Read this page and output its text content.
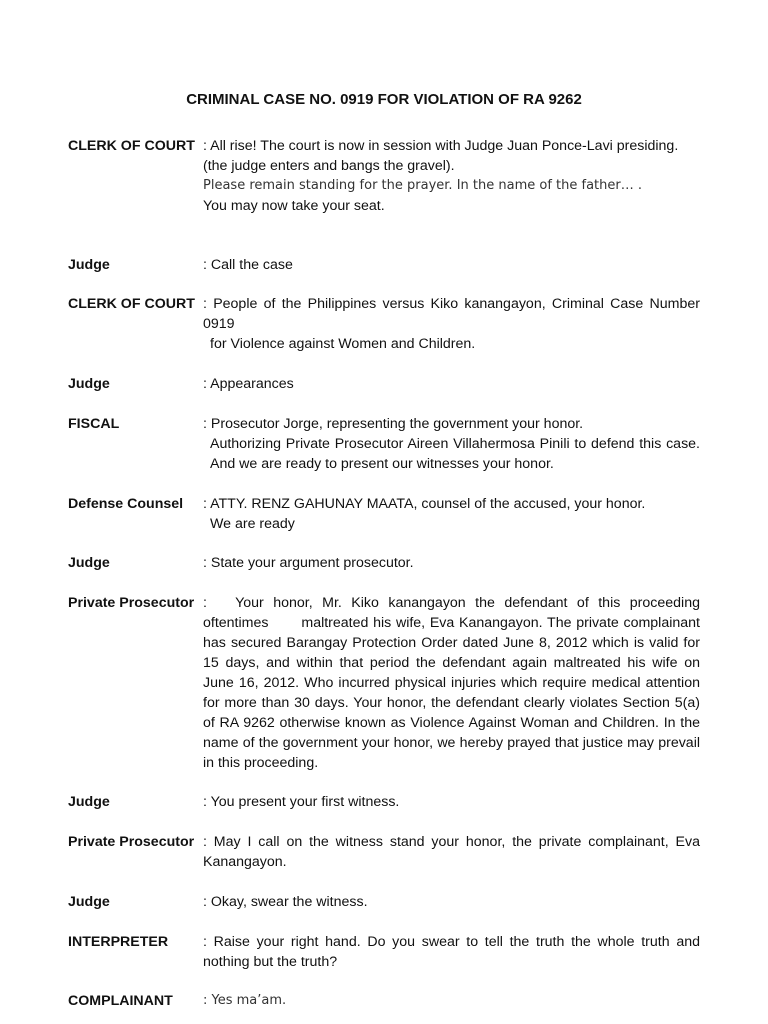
CRIMINAL CASE NO. 0919 FOR VIOLATION OF RA 9262
CLERK OF COURT : All rise! The court is now in session with Judge Juan Ponce-Lavi presiding.
(the judge enters and bangs the gravel).
Please remain standing for the prayer. In the name of the father… .
You may now take your seat.
Judge	: Call the case
CLERK OF COURT : People of the Philippines versus Kiko kanangayon, Criminal Case Number 0919
for Violence against Women and Children.
Judge	: Appearances
FISCAL	: Prosecutor Jorge, representing the government your honor.
Authorizing Private Prosecutor Aireen Villahermosa Pinili to defend this case. And we are ready to present our witnesses your honor.
Defense Counsel : ATTY. RENZ GAHUNAY MAATA, counsel of the accused, your honor.
We are ready
Judge	: State your argument prosecutor.
Private Prosecutor :   Your honor, Mr. Kiko kanangayon the defendant of this proceeding oftentimes       maltreated his wife, Eva Kanangayon. The private complainant has secured Barangay Protection Order dated June 8, 2012 which is valid for 15 days, and within that period the defendant again maltreated his wife on June 16, 2012. Who incurred physical injuries which require medical attention for more than 30 days. Your honor, the defendant clearly violates Section 5(a) of RA 9262 otherwise known as Violence Against Woman and Children. In the name of the government your honor, we hereby prayed that justice may prevail in this proceeding.
Judge	: You present your first witness.
Private Prosecutor : May I call on the witness stand your honor, the private complainant, Eva Kanangayon.
Judge	: Okay, swear the witness.
INTERPRETER : Raise your right hand. Do you swear to tell the truth the whole truth and nothing but the truth?
COMPLAINANT : Yes ma’am.
